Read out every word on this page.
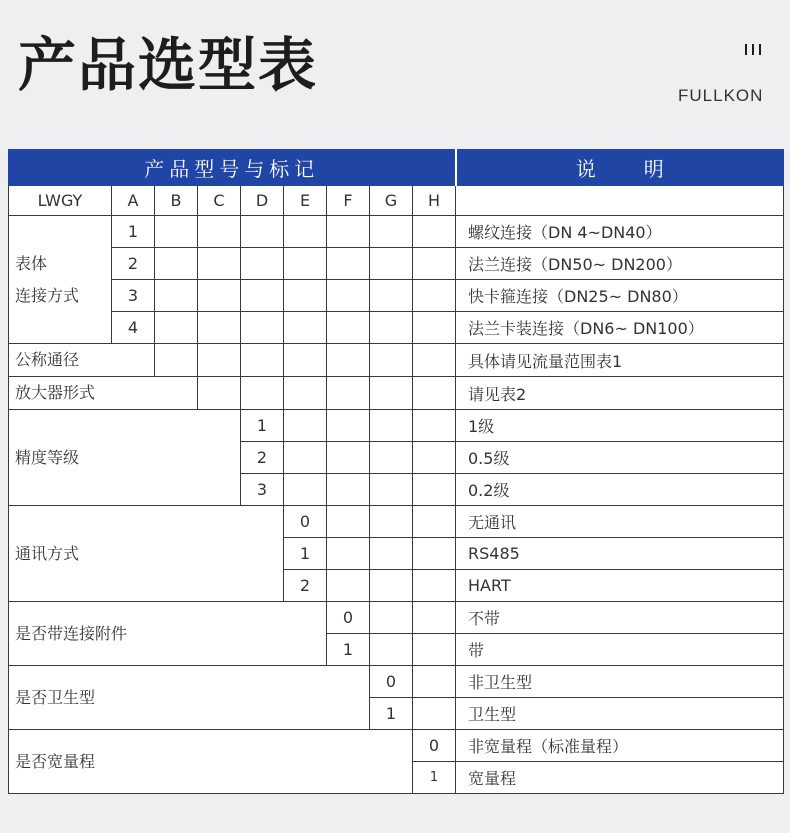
产品选型表	FULLKON
产品型号与标记									说 明
LWGY	A	B	C	D	E	F	G	H	
表体
连接方式	1								螺纹连接（DN 4~DN40）
	2								法兰连接（DN50~ DN200）
	3								快卡箍连接（DN25~ DN80）
	4								法兰卡装连接（DN6~ DN100）
公称通径									具体请见流量范围表1
放大器形式									请见表2
精度等级				1					1级
				2					0.5级
				3					0.2级
通讯方式					0				无通讯
					1				RS485
					2				HART
是否带连接附件						0			不带
						1			带
是否卫生型							0		非卫生型
							1		卫生型
是否宽量程								0	非宽量程（标准量程）
								1	宽量程
